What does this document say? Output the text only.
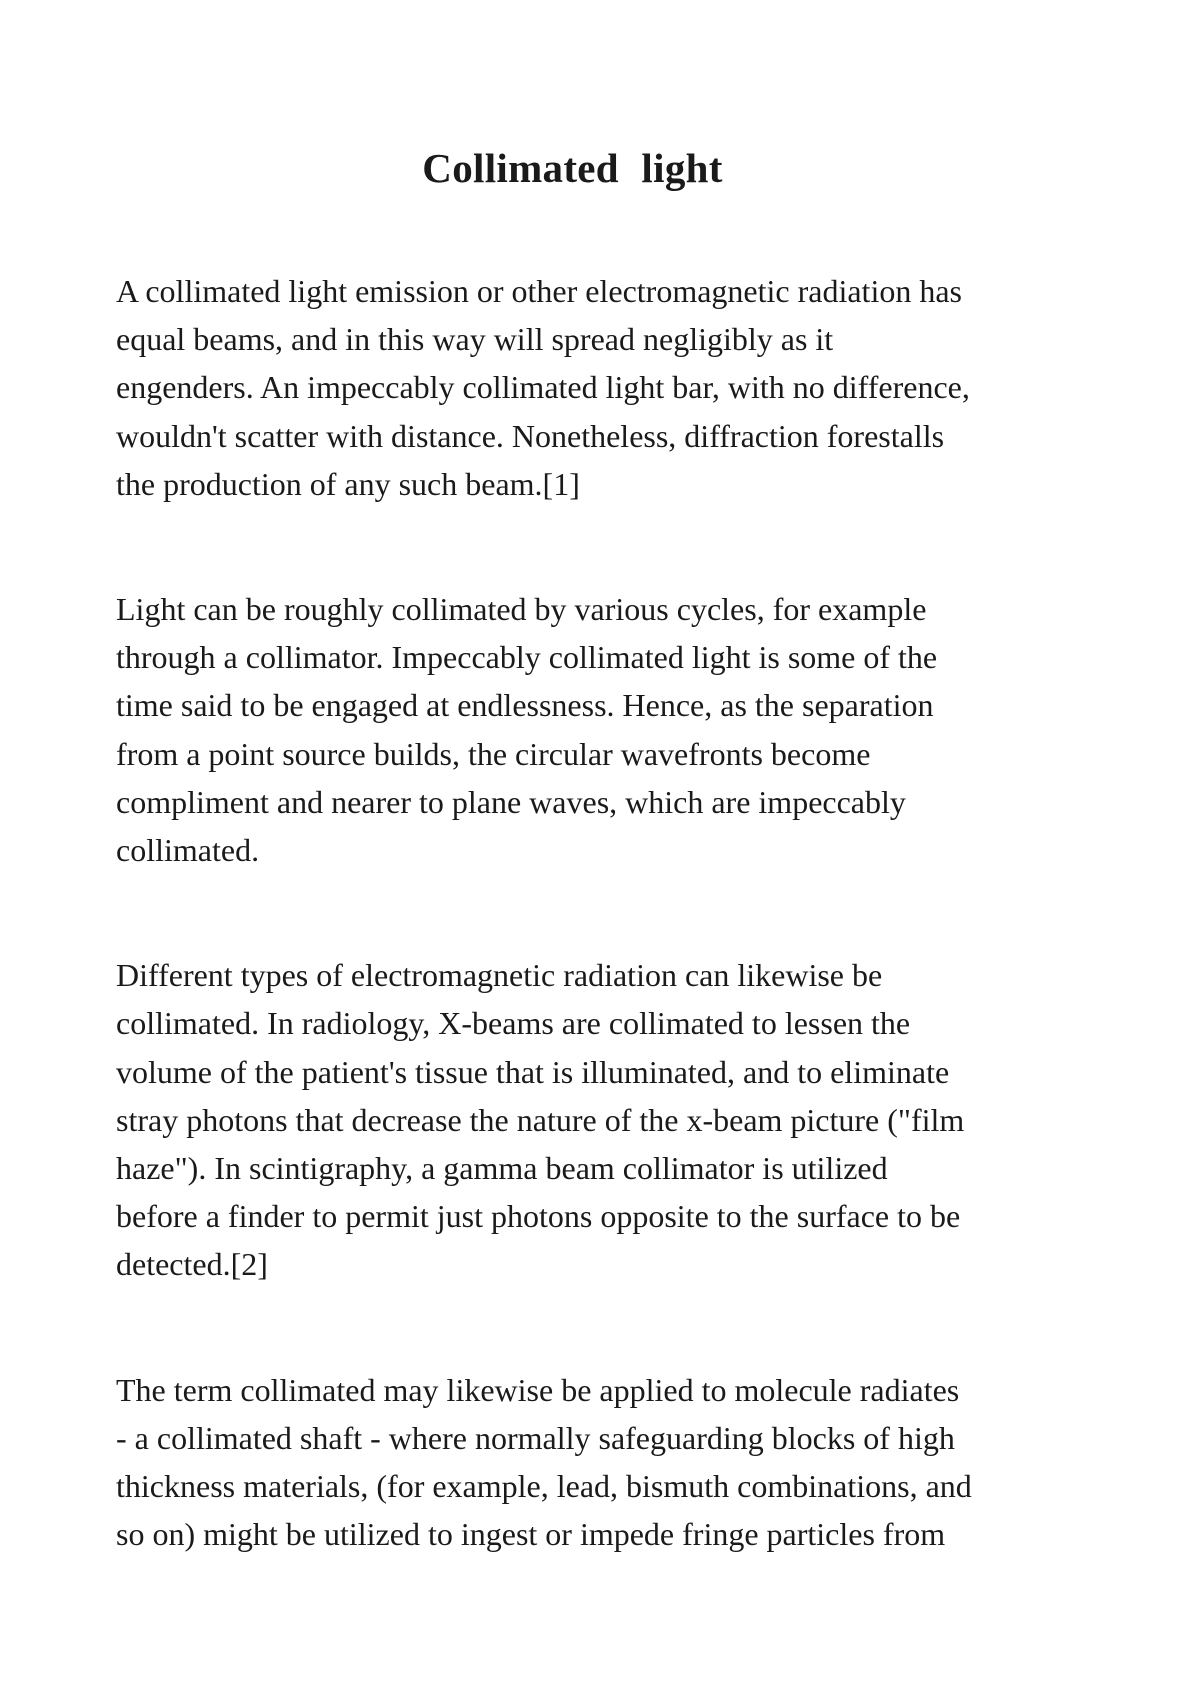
Collimated light

A collimated light emission or other electromagnetic radiation has
equal beams, and in this way will spread negligibly as it
engenders. An impeccably collimated light bar, with no difference,
wouldn't scatter with distance. Nonetheless, diffraction forestalls
the production of any such beam.[1]

Light can be roughly collimated by various cycles, for example
through a collimator. Impeccably collimated light is some of the
time said to be engaged at endlessness. Hence, as the separation
from a point source builds, the circular wavefronts become
compliment and nearer to plane waves, which are impeccably
collimated.

Different types of electromagnetic radiation can likewise be
collimated. In radiology, X-beams are collimated to lessen the
volume of the patient's tissue that is illuminated, and to eliminate
stray photons that decrease the nature of the x-beam picture ("film
haze"). In scintigraphy, a gamma beam collimator is utilized
before a finder to permit just photons opposite to the surface to be
detected.[2]

The term collimated may likewise be applied to molecule radiates
- a collimated shaft - where normally safeguarding blocks of high
thickness materials, (for example, lead, bismuth combinations, and
so on) might be utilized to ingest or impede fringe particles from
